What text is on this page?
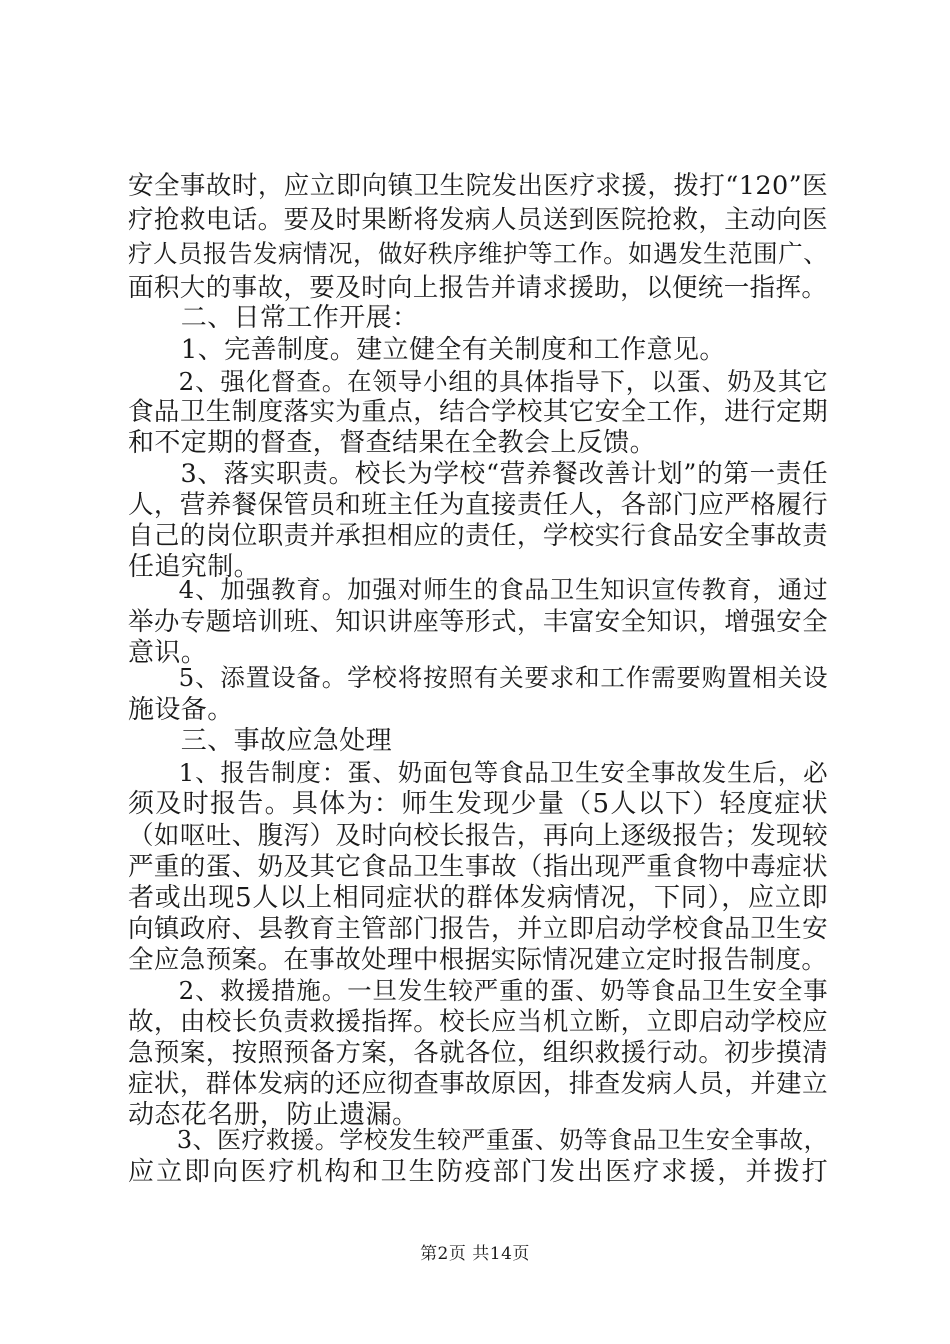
安全事故时，应立即向镇卫生院发出医疗求援，拨打“120”医
疗抢救电话。要及时果断将发病人员送到医院抢救，主动向医
疗人员报告发病情况，做好秩序维护等工作。如遇发生范围广、
面积大的事故，要及时向上报告并请求援助，以便统一指挥。
　　二、日常工作开展：
　　1、完善制度。建立健全有关制度和工作意见。
　　2、强化督查。在领导小组的具体指导下，以蛋、奶及其它
食品卫生制度落实为重点，结合学校其它安全工作，进行定期
和不定期的督查，督查结果在全教会上反馈。
　　3、落实职责。校长为学校“营养餐改善计划”的第一责任
人，营养餐保管员和班主任为直接责任人，各部门应严格履行
自己的岗位职责并承担相应的责任，学校实行食品安全事故责
任追究制。
　　4、加强教育。加强对师生的食品卫生知识宣传教育，通过
举办专题培训班、知识讲座等形式，丰富安全知识，增强安全
意识。
　　5、添置设备。学校将按照有关要求和工作需要购置相关设
施设备。
　　三、事故应急处理
　　1、报告制度：蛋、奶面包等食品卫生安全事故发生后，必
须及时报告。具体为：师生发现少量（5人以下）轻度症状
（如呕吐、腹泻）及时向校长报告，再向上逐级报告；发现较
严重的蛋、奶及其它食品卫生事故（指出现严重食物中毒症状
者或出现5人以上相同症状的群体发病情况，下同），应立即
向镇政府、县教育主管部门报告，并立即启动学校食品卫生安
全应急预案。在事故处理中根据实际情况建立定时报告制度。
　　2、救援措施。一旦发生较严重的蛋、奶等食品卫生安全事
故，由校长负责救援指挥。校长应当机立断，立即启动学校应
急预案，按照预备方案，各就各位，组织救援行动。初步摸清
症状，群体发病的还应彻查事故原因，排查发病人员，并建立
动态花名册，防止遗漏。
　　3、医疗救援。学校发生较严重蛋、奶等食品卫生安全事故，
应立即向医疗机构和卫生防疫部门发出医疗求援，并拨打
第2页 共14页
